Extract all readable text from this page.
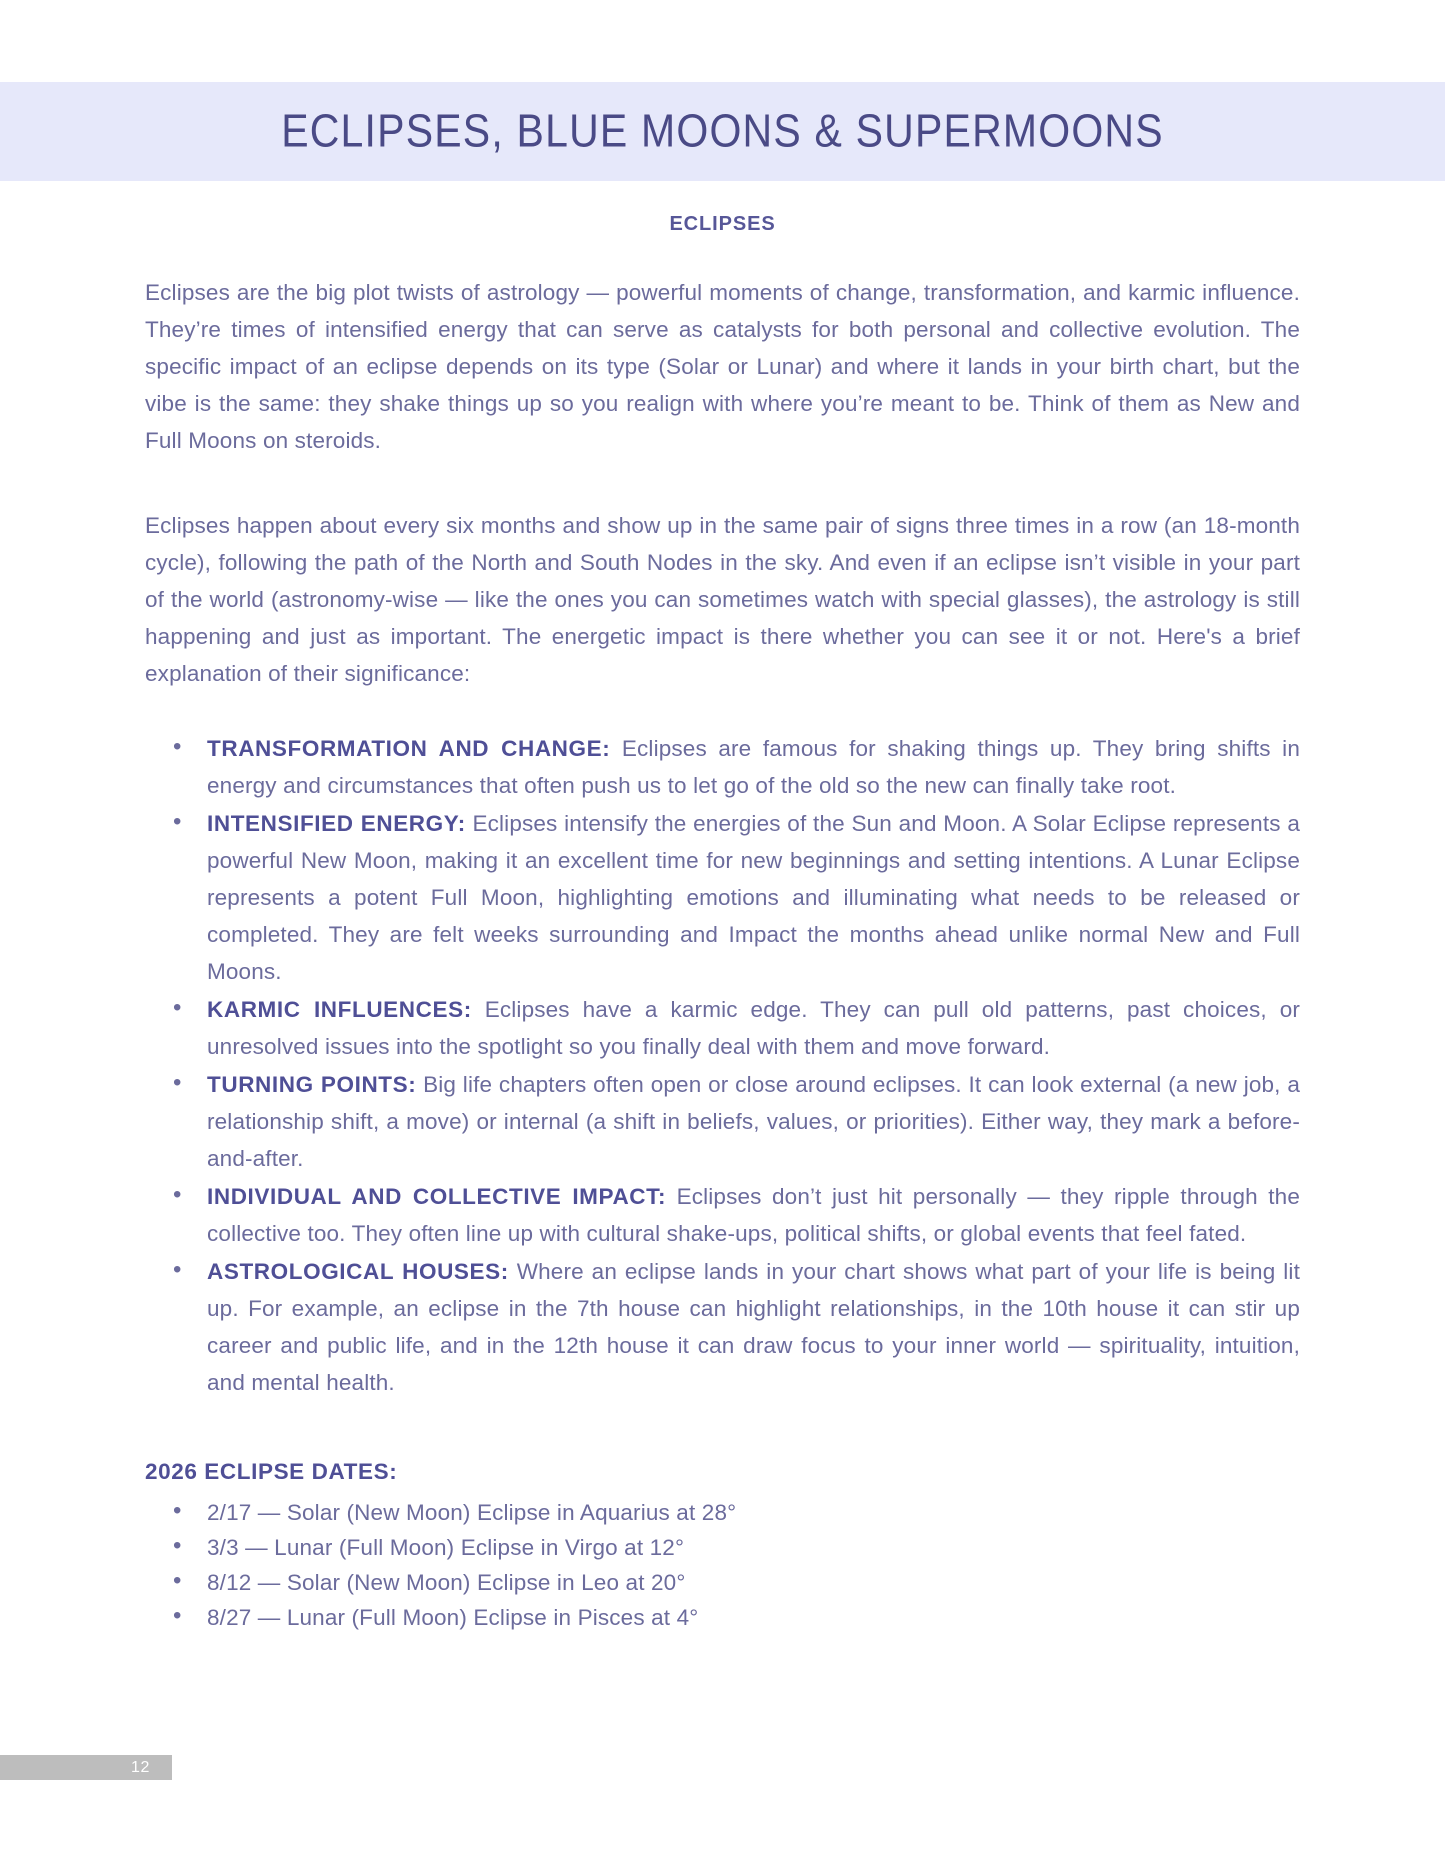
ECLIPSES, BLUE MOONS & SUPERMOONS
ECLIPSES

Eclipses are the big plot twists of astrology — powerful moments of change, transformation, and karmic influence. They’re times of intensified energy that can serve as catalysts for both personal and collective evolution. The specific impact of an eclipse depends on its type (Solar or Lunar) and where it lands in your birth chart, but the vibe is the same: they shake things up so you realign with where you’re meant to be. Think of them as New and Full Moons on steroids.

Eclipses happen about every six months and show up in the same pair of signs three times in a row (an 18-month cycle), following the path of the North and South Nodes in the sky. And even if an eclipse isn’t visible in your part of the world (astronomy-wise — like the ones you can sometimes watch with special glasses), the astrology is still happening and just as important. The energetic impact is there whether you can see it or not. Here's a brief explanation of their significance:

• TRANSFORMATION AND CHANGE: Eclipses are famous for shaking things up. They bring shifts in energy and circumstances that often push us to let go of the old so the new can finally take root.
• INTENSIFIED ENERGY: Eclipses intensify the energies of the Sun and Moon. A Solar Eclipse represents a powerful New Moon, making it an excellent time for new beginnings and setting intentions. A Lunar Eclipse represents a potent Full Moon, highlighting emotions and illuminating what needs to be released or completed. They are felt weeks surrounding and Impact the months ahead unlike normal New and Full Moons.
• KARMIC INFLUENCES: Eclipses have a karmic edge. They can pull old patterns, past choices, or unresolved issues into the spotlight so you finally deal with them and move forward.
• TURNING POINTS: Big life chapters often open or close around eclipses. It can look external (a new job, a relationship shift, a move) or internal (a shift in beliefs, values, or priorities). Either way, they mark a before-and-after.
• INDIVIDUAL AND COLLECTIVE IMPACT: Eclipses don’t just hit personally — they ripple through the collective too. They often line up with cultural shake-ups, political shifts, or global events that feel fated.
• ASTROLOGICAL HOUSES: Where an eclipse lands in your chart shows what part of your life is being lit up. For example, an eclipse in the 7th house can highlight relationships, in the 10th house it can stir up career and public life, and in the 12th house it can draw focus to your inner world — spirituality, intuition, and mental health.
2026 ECLIPSE DATES:
• 2/17 — Solar (New Moon) Eclipse in Aquarius at 28°
• 3/3 — Lunar (Full Moon) Eclipse in Virgo at 12°
• 8/12 — Solar (New Moon) Eclipse in Leo at 20°
• 8/27 — Lunar (Full Moon) Eclipse in Pisces at 4°
12
